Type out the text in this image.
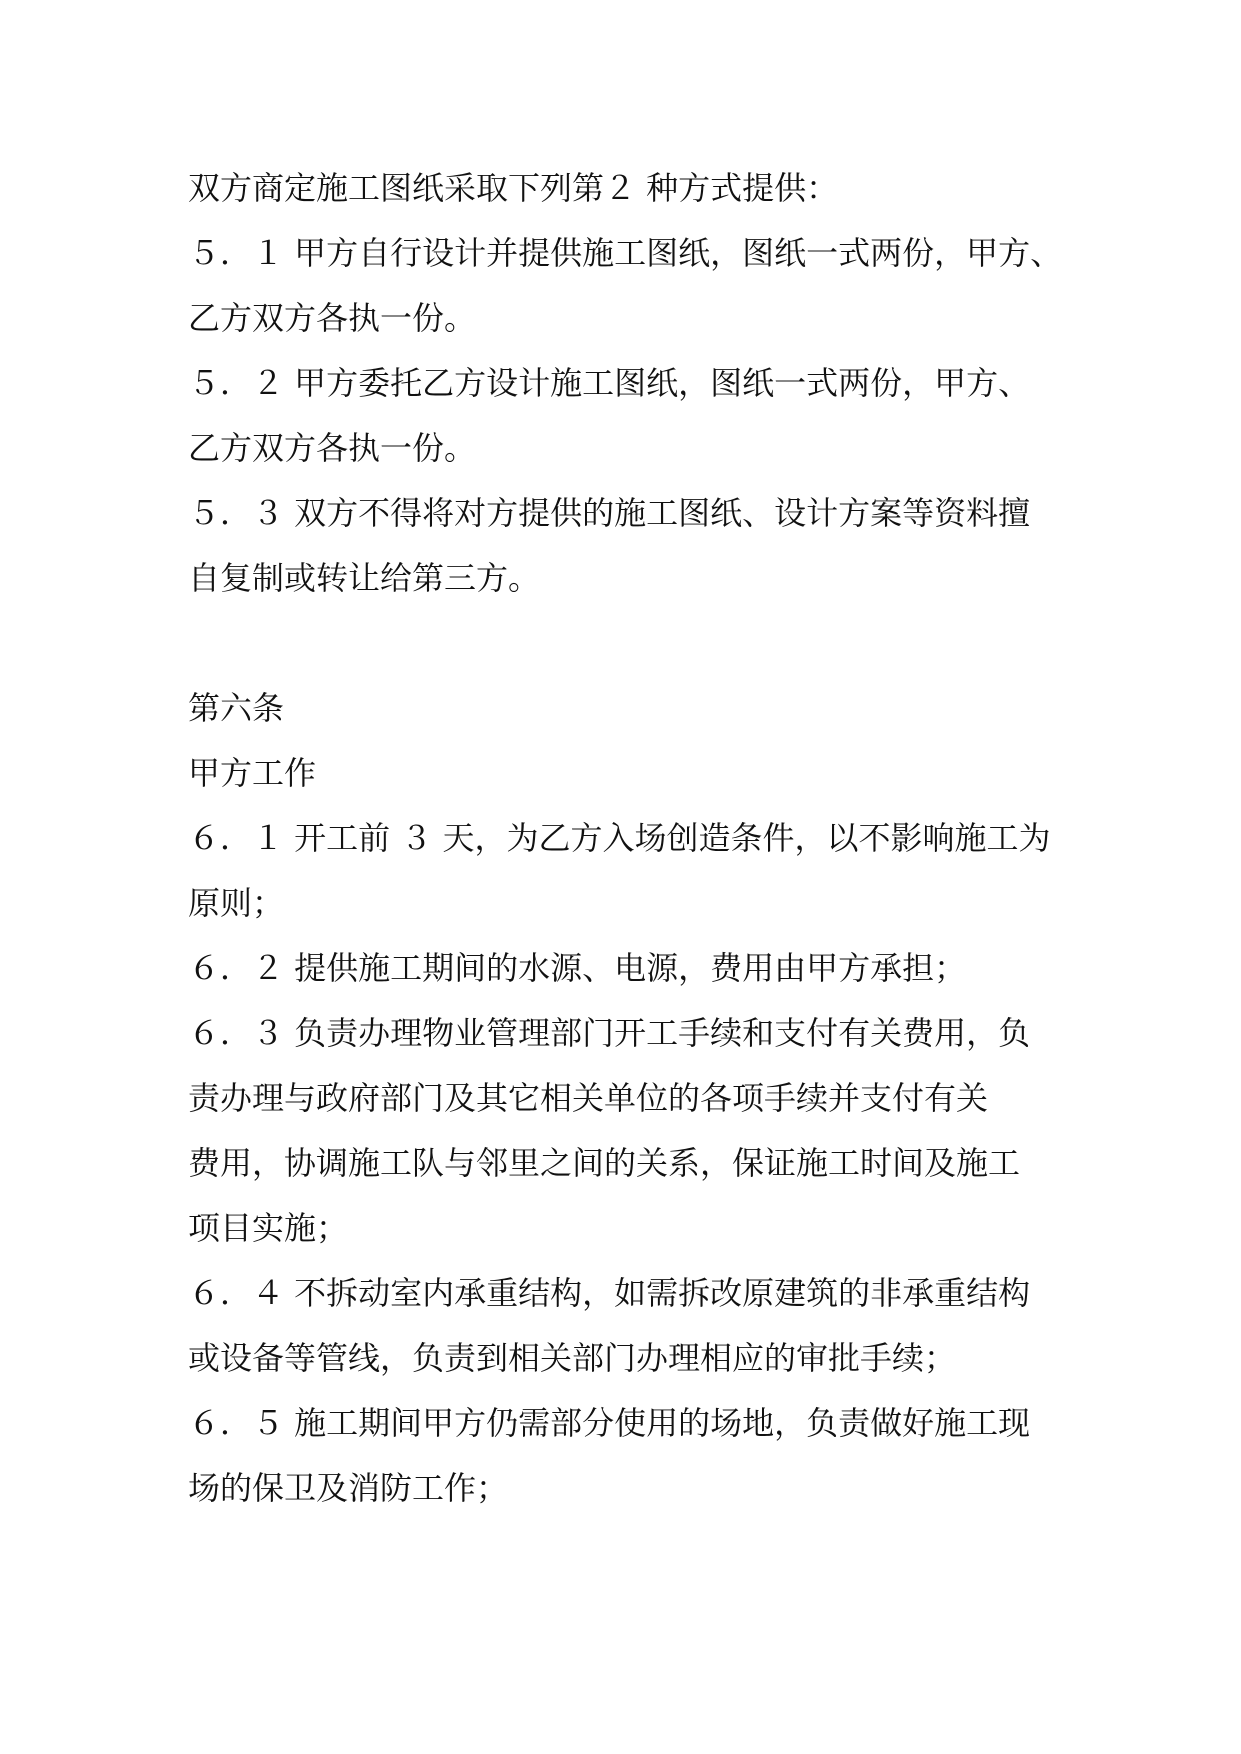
双方商定施工图纸采取下列第２ 种方式提供：
５．１ 甲方自行设计并提供施工图纸，图纸一式两份，甲方、
乙方双方各执一份。
５．２ 甲方委托乙方设计施工图纸，图纸一式两份，甲方、
乙方双方各执一份。
５．３ 双方不得将对方提供的施工图纸、设计方案等资料擅
自复制或转让给第三方。
第六条
甲方工作
６．１ 开工前 ３ 天，为乙方入场创造条件，以不影响施工为
原则；
６．２ 提供施工期间的水源、电源，费用由甲方承担；
６．３ 负责办理物业管理部门开工手续和支付有关费用，负
责办理与政府部门及其它相关单位的各项手续并支付有关
费用，协调施工队与邻里之间的关系，保证施工时间及施工
项目实施；
６．４ 不拆动室内承重结构，如需拆改原建筑的非承重结构
或设备等管线，负责到相关部门办理相应的审批手续；
６．５ 施工期间甲方仍需部分使用的场地，负责做好施工现
场的保卫及消防工作；
